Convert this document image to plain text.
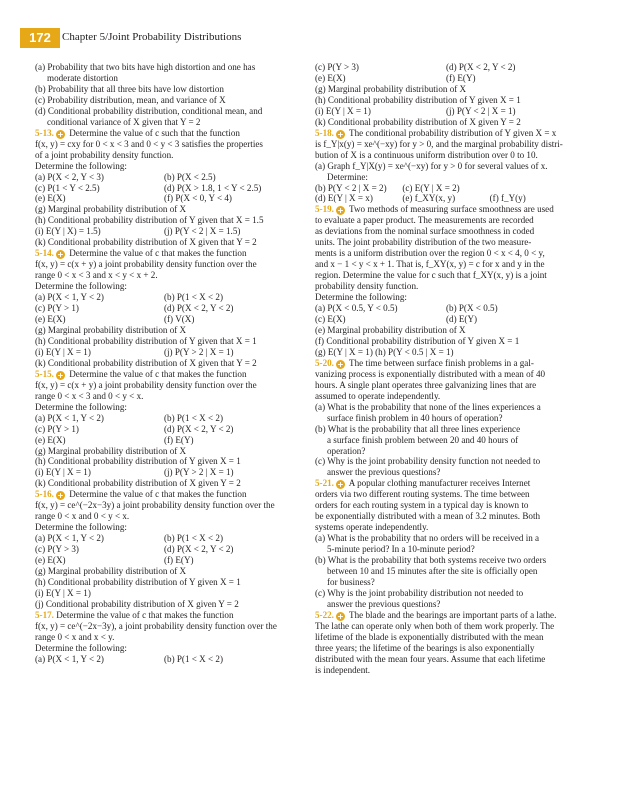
172	Chapter 5/Joint Probability Distributions
(a) Probability that two bits have high distortion and one has
moderate distortion
(b) Probability that all three bits have low distortion
(c) Probability distribution, mean, and variance of X
(d) Conditional probability distribution, conditional mean, and
conditional variance of X given that Y = 2
5-13. + Determine the value of c such that the function
f(x, y) = cxy for 0 < x < 3 and 0 < y < 3 satisfies the properties
of a joint probability density function.
Determine the following:
(a) P(X < 2, Y < 3)	(b) P(X < 2.5)
(c) P(1 < Y < 2.5)	(d) P(X > 1.8, 1 < Y < 2.5)
(e) E(X)	(f) P(X < 0, Y < 4)
(g) Marginal probability distribution of X
(h) Conditional probability distribution of Y given that X = 1.5
(i) E(Y | X) = 1.5)	(j) P(Y < 2 | X = 1.5)
(k) Conditional probability distribution of X given that Y = 2
5-14. + Determine the value of c that makes the function
f(x, y) = c(x + y) a joint probability density function over the
range 0 < x < 3 and x < y < x + 2.
Determine the following:
(a) P(X < 1, Y < 2)	(b) P(1 < X < 2)
(c) P(Y > 1)	(d) P(X < 2, Y < 2)
(e) E(X)	(f) V(X)
(g) Marginal probability distribution of X
(h) Conditional probability distribution of Y given that X = 1
(i) E(Y | X = 1)	(j) P(Y > 2 | X = 1)
(k) Conditional probability distribution of X given that Y = 2
5-15. + Determine the value of c that makes the function
f(x, y) = c(x + y) a joint probability density function over the
range 0 < x < 3 and 0 < y < x.
Determine the following:
(a) P(X < 1, Y < 2)	(b) P(1 < X < 2)
(c) P(Y > 1)	(d) P(X < 2, Y < 2)
(e) E(X)	(f) E(Y)
(g) Marginal probability distribution of X
(h) Conditional probability distribution of Y given X = 1
(i) E(Y | X = 1)	(j) P(Y > 2 | X = 1)
(k) Conditional probability distribution of X given Y = 2
5-16. + Determine the value of c that makes the function
f(x, y) = ce^(−2x−3y) a joint probability density function over the
range 0 < x and 0 < y < x.
Determine the following:
(a) P(X < 1, Y < 2)	(b) P(1 < X < 2)
(c) P(Y > 3)	(d) P(X < 2, Y < 2)
(e) E(X)	(f) E(Y)
(g) Marginal probability distribution of X
(h) Conditional probability distribution of Y given X = 1
(i) E(Y | X = 1)
(j) Conditional probability distribution of X given Y = 2
5-17. Determine the value of c that makes the function
f(x, y) = ce^(−2x−3y), a joint probability density function over the
range 0 < x and x < y.
Determine the following:
(a) P(X < 1, Y < 2)	(b) P(1 < X < 2)
(c) P(Y > 3)	(d) P(X < 2, Y < 2)
(e) E(X)	(f) E(Y)
(g) Marginal probability distribution of X
(h) Conditional probability distribution of Y given X = 1
(i) E(Y | X = 1)	(j) P(Y < 2 | X = 1)
(k) Conditional probability distribution of X given Y = 2
5-18. + The conditional probability distribution of Y given X = x
is f_Y|x(y) = xe^(−xy) for y > 0, and the marginal probability distri-
bution of X is a continuous uniform distribution over 0 to 10.
(a) Graph f_Y|X(y) = xe^(−xy) for y > 0 for several values of x.
Determine:
(b) P(Y < 2 | X = 2)	(c) E(Y | X = 2)
(d) E(Y | X = x)	(e) f_XY(x, y)	(f) f_Y(y)
5-19. + Two methods of measuring surface smoothness are used
to evaluate a paper product. The measurements are recorded
as deviations from the nominal surface smoothness in coded
units. The joint probability distribution of the two measure-
ments is a uniform distribution over the region 0 < x < 4, 0 < y,
and x − 1 < y < x + 1. That is, f_XY(x, y) = c for x and y in the
region. Determine the value for c such that f_XY(x, y) is a joint
probability density function.
Determine the following:
(a) P(X < 0.5, Y < 0.5)	(b) P(X < 0.5)
(c) E(X)	(d) E(Y)
(e) Marginal probability distribution of X
(f) Conditional probability distribution of Y given X = 1
(g) E(Y | X = 1) (h) P(Y < 0.5 | X = 1)
5-20. + The time between surface finish problems in a gal-
vanizing process is exponentially distributed with a mean of 40
hours. A single plant operates three galvanizing lines that are
assumed to operate independently.
(a) What is the probability that none of the lines experiences a
surface finish problem in 40 hours of operation?
(b) What is the probability that all three lines experience
a surface finish problem between 20 and 40 hours of
operation?
(c) Why is the joint probability density function not needed to
answer the previous questions?
5-21. + A popular clothing manufacturer receives Internet
orders via two different routing systems. The time between
orders for each routing system in a typical day is known to
be exponentially distributed with a mean of 3.2 minutes. Both
systems operate independently.
(a) What is the probability that no orders will be received in a
5-minute period? In a 10-minute period?
(b) What is the probability that both systems receive two orders
between 10 and 15 minutes after the site is officially open
for business?
(c) Why is the joint probability distribution not needed to
answer the previous questions?
5-22. + The blade and the bearings are important parts of a lathe.
The lathe can operate only when both of them work properly. The
lifetime of the blade is exponentially distributed with the mean
three years; the lifetime of the bearings is also exponentially
distributed with the mean four years. Assume that each lifetime
is independent.
